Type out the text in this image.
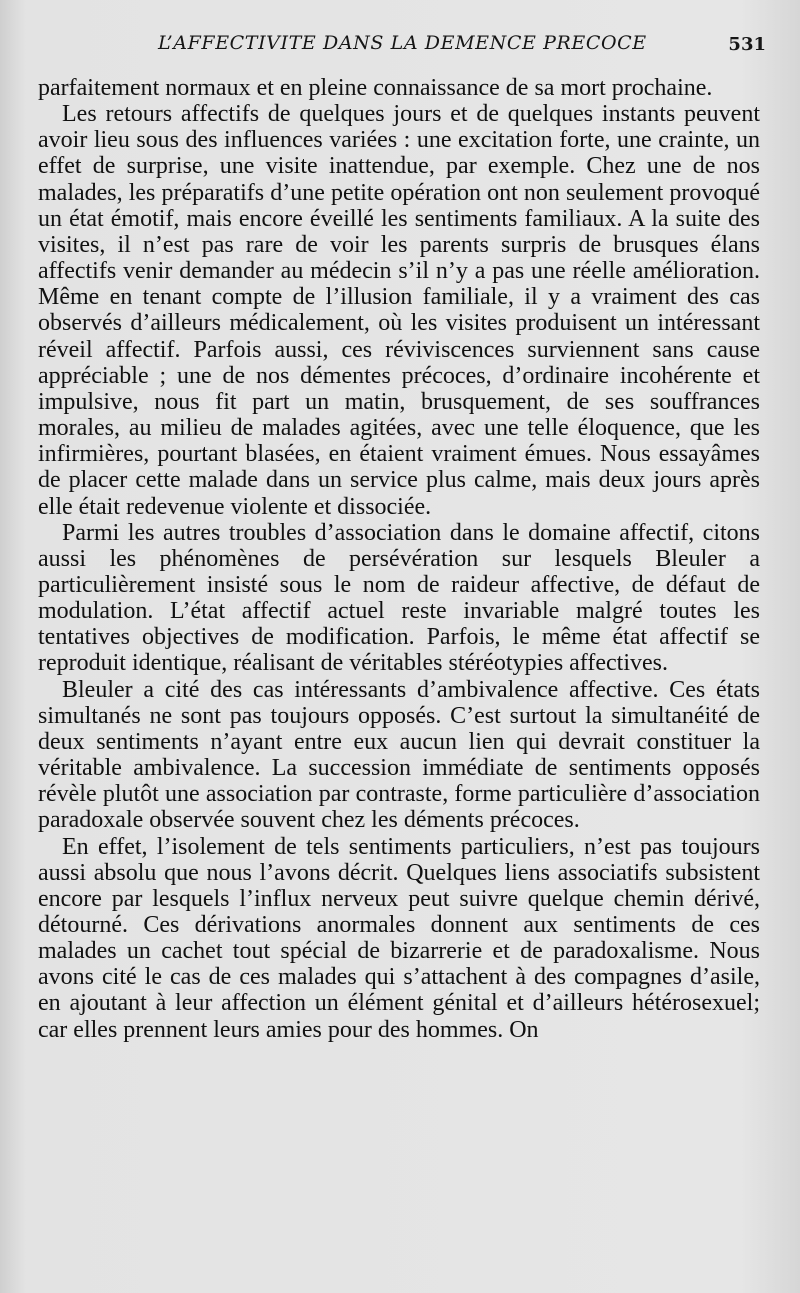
L’AFFECTIVITE DANS LA DEMENCE PRECOCE	531

parfaitement normaux et en pleine connaissance de sa mort prochaine.

Les retours affectifs de quelques jours et de quelques instants peuvent avoir lieu sous des influences variées : une excitation forte, une crainte, un effet de surprise, une visite inattendue, par exemple. Chez une de nos malades, les préparatifs d’une petite opération ont non seulement provoqué un état émotif, mais encore éveillé les sentiments familiaux. A la suite des visites, il n’est pas rare de voir les parents surpris de brusques élans affectifs venir demander au médecin s’il n’y a pas une réelle amélioration. Même en tenant compte de l’illusion familiale, il y a vraiment des cas observés d’ailleurs médicalement, où les visites produisent un intéressant réveil affectif. Parfois aussi, ces réviviscences surviennent sans cause appréciable ; une de nos démentes précoces, d’ordinaire incohérente et impulsive, nous fit part un matin, brusquement, de ses souffrances morales, au milieu de malades agitées, avec une telle éloquence, que les infirmières, pourtant blasées, en étaient vraiment émues. Nous essayâmes de placer cette malade dans un service plus calme, mais deux jours après elle était redevenue violente et dissociée.

Parmi les autres troubles d’association dans le domaine affectif, citons aussi les phénomènes de persévération sur lesquels Bleuler a particulièrement insisté sous le nom de raideur affective, de défaut de modulation. L’état affectif actuel reste invariable malgré toutes les tentatives objectives de modification. Parfois, le même état affectif se reproduit identique, réalisant de véritables stéréotypies affectives.

Bleuler a cité des cas intéressants d’ambivalence affective. Ces états simultanés ne sont pas toujours opposés. C’est surtout la simultanéité de deux sentiments n’ayant entre eux aucun lien qui devrait constituer la véritable ambivalence. La succession immédiate de sentiments opposés révèle plutôt une association par contraste, forme particulière d’association paradoxale observée souvent chez les déments précoces.

En effet, l’isolement de tels sentiments particuliers, n’est pas toujours aussi absolu que nous l’avons décrit. Quelques liens associatifs subsistent encore par lesquels l’influx nerveux peut suivre quelque chemin dérivé, détourné. Ces dérivations anormales donnent aux sentiments de ces malades un cachet tout spécial de bizarrerie et de paradoxalisme. Nous avons cité le cas de ces malades qui s’attachent à des compagnes d’asile, en ajoutant à leur affection un élément génital et d’ailleurs hétérosexuel; car elles prennent leurs amies pour des hommes. On
